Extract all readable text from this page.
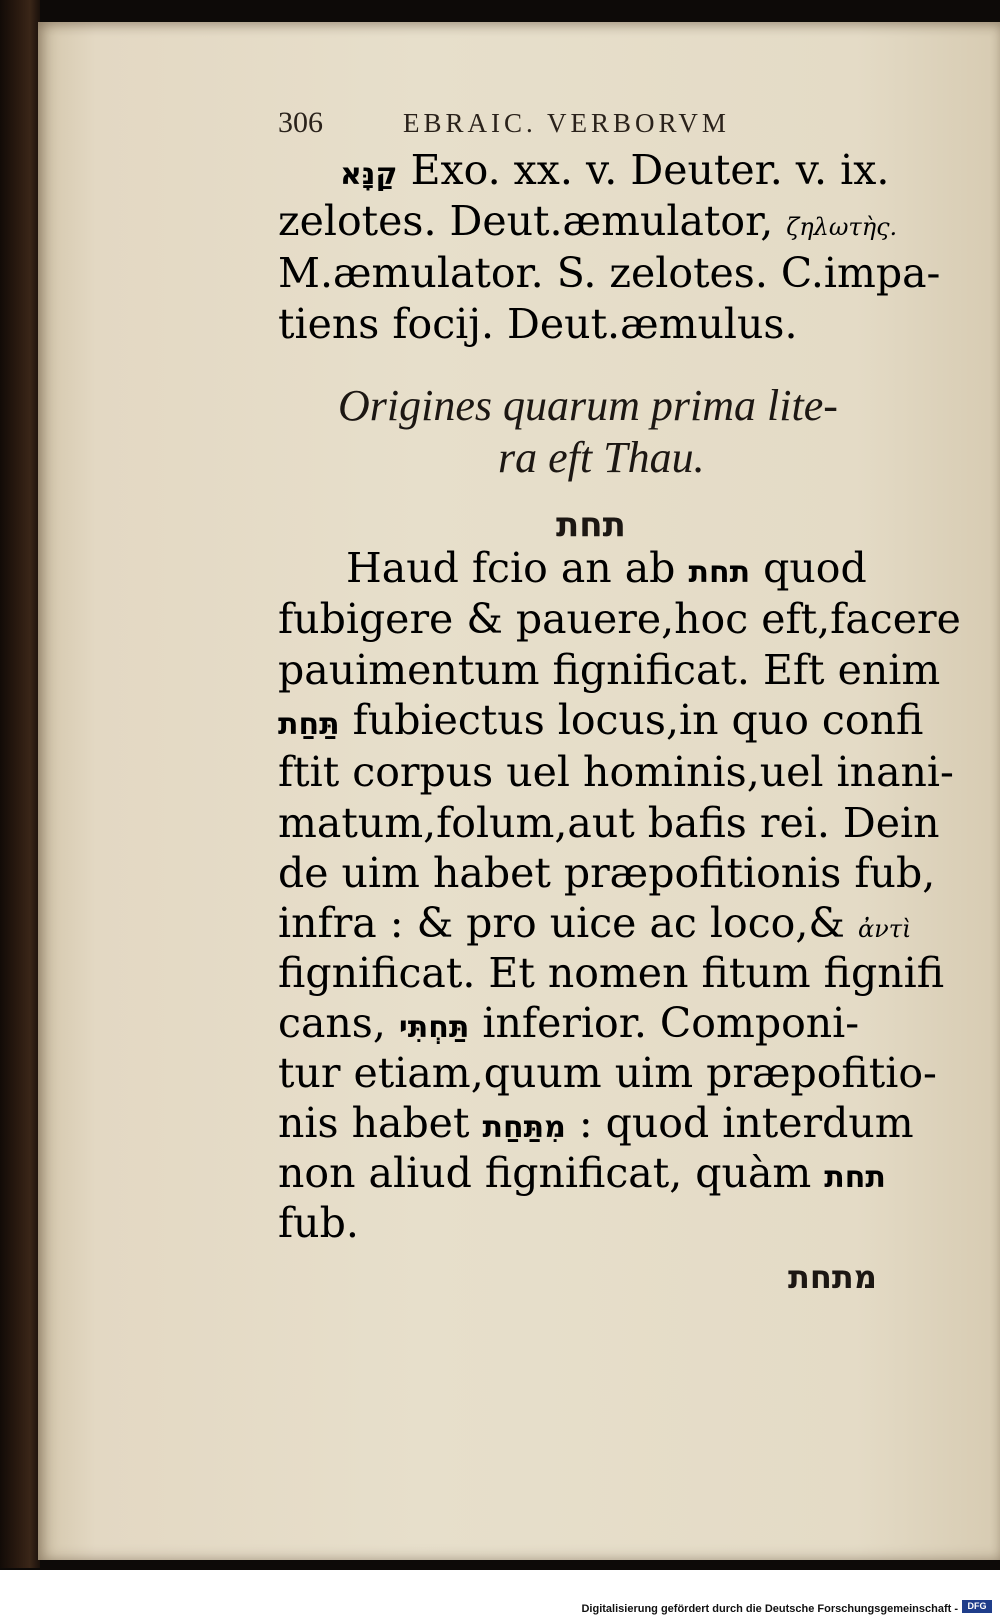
306	EBRAIC. VERBORVM
קַנָּא Exo. xx. v. Deuter. v. ix.
zelotes. Deut.æmulator, ζηλωτὴς.
M.æmulator. S. zelotes. C.impa-
tiens focij. Deut.æmulus.
Origines quarum prima lite-
ra eft Thau.
תחת
Haud fcio an ab תחת quod
fubigere & pauere,hoc eft,facere
pauimentum fignificat. Eft enim
תַּחַת fubiectus locus,in quo confi
ftit corpus uel hominis,uel inani-
matum,folum,aut bafis rei. Dein
de uim habet præpofitionis fub,
infra : & pro uice ac loco,& ἀντὶ
fignificat. Et nomen fitum fignifi
cans, תַּחְתִּי inferior. Componi-
tur etiam,quum uim præpofitio-
nis habet מִתַּחַת : quod interdum
non aliud fignificat, quàm תחת
fub.
מתחת
Digitalisierung gefördert durch die Deutsche Forschungsgemeinschaft -	DFG
